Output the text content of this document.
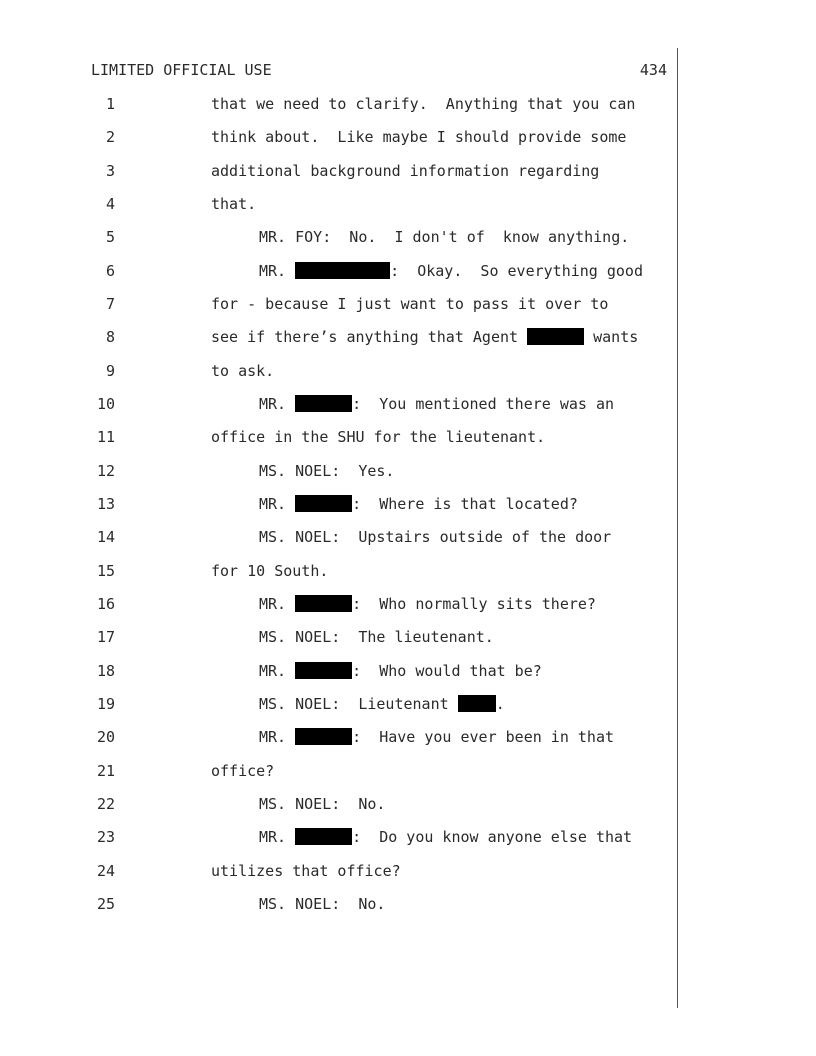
LIMITED OFFICIAL USE	434
1	that we need to clarify.  Anything that you can
2	think about.  Like maybe I should provide some
3	additional background information regarding
4	that.
5	MR. FOY:  No.  I don't of  know anything.
6	MR.	:  Okay.  So everything good
7	for - because I just want to pass it over to
8	see if there’s anything that Agent	wants
9	to ask.
10	MR.	:  You mentioned there was an
11	office in the SHU for the lieutenant.
12	MS. NOEL:  Yes.
13	MR.	:  Where is that located?
14	MS. NOEL:  Upstairs outside of the door
15	for 10 South.
16	MR.	:  Who normally sits there?
17	MS. NOEL:  The lieutenant.
18	MR.	:  Who would that be?
19	MS. NOEL:  Lieutenant	.
20	MR.	:  Have you ever been in that
21	office?
22	MS. NOEL:  No.
23	MR.	:  Do you know anyone else that
24	utilizes that office?
25	MS. NOEL:  No.
